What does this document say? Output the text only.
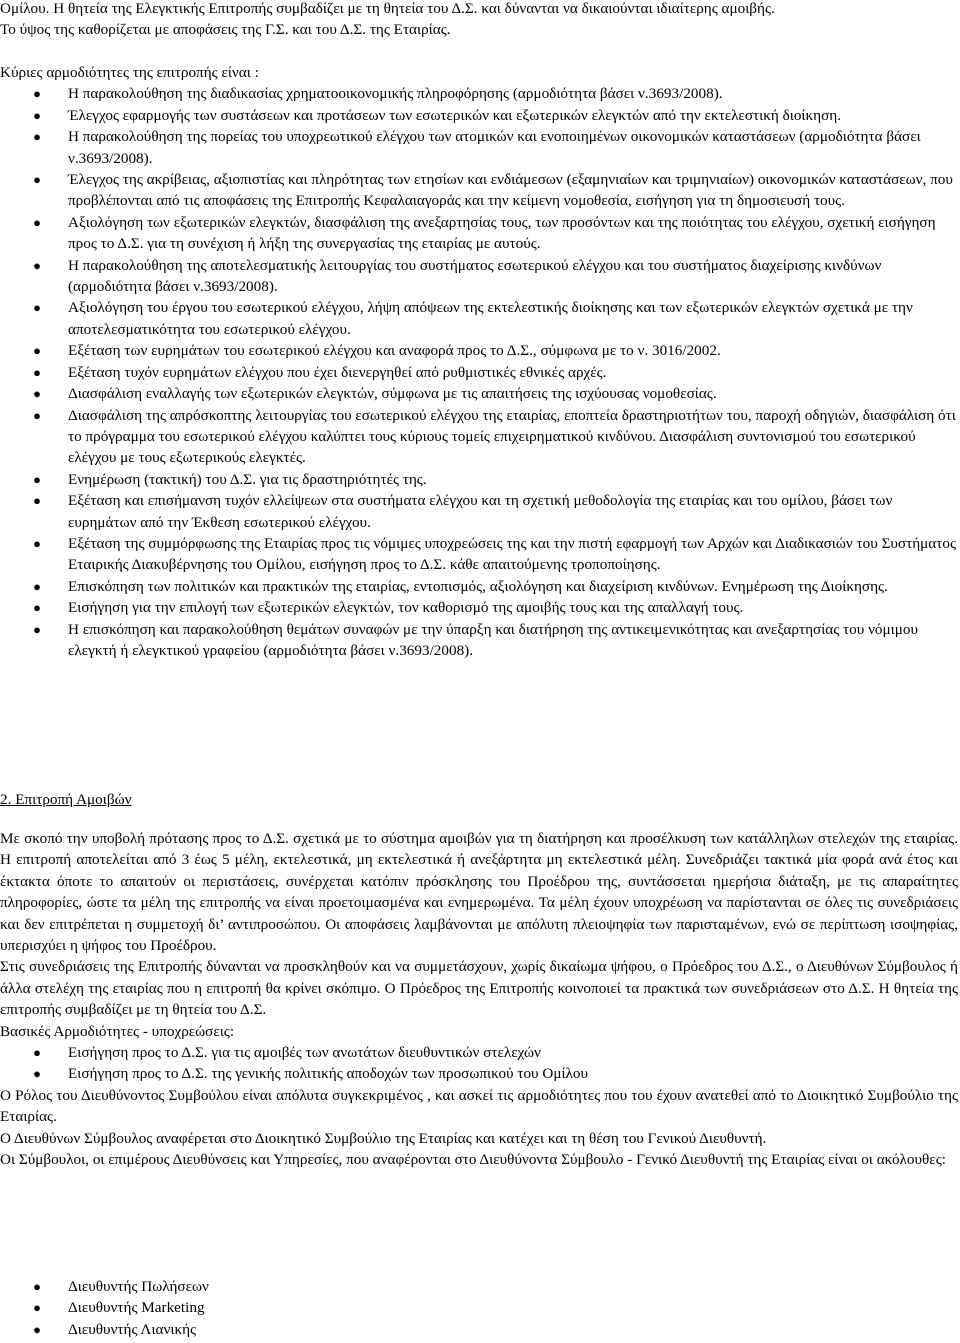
Ομίλου. Η θητεία της Ελεγκτικής Επιτροπής συμβαδίζει με τη θητεία του Δ.Σ. και δύνανται να δικαιούνται ιδιαίτερης αμοιβής.

Το ύψος της καθορίζεται με αποφάσεις της Γ.Σ. και του Δ.Σ. της Εταιρίας.

Κύριες αρμοδιότητες της επιτροπής είναι :

● Η παρακολούθηση της διαδικασίας χρηματοοικονομικής πληροφόρησης (αρμοδιότητα βάσει ν.3693/2008).
● Έλεγχος εφαρμογής των συστάσεων και προτάσεων των εσωτερικών και εξωτερικών ελεγκτών από την εκτελεστική διοίκηση.
● Η παρακολούθηση της πορείας του υποχρεωτικού ελέγχου των ατομικών και ενοποιημένων οικονομικών καταστάσεων (αρμοδιότητα βάσει ν.3693/2008).
● Έλεγχος της ακρίβειας, αξιοπιστίας και πληρότητας των ετησίων και ενδιάμεσων (εξαμηνιαίων και τριμηνιαίων) οικονομικών καταστάσεων, που προβλέπονται από τις αποφάσεις της Επιτροπής Κεφαλαιαγοράς και την κείμενη νομοθεσία, εισήγηση για τη δημοσιευσή τους.
● Αξιολόγηση των εξωτερικών ελεγκτών, διασφάλιση της ανεξαρτησίας τους, των προσόντων και της ποιότητας του ελέγχου, σχετική εισήγηση προς το Δ.Σ. για τη συνέχιση ή λήξη της συνεργασίας της εταιρίας με αυτούς.
● Η παρακολούθηση της αποτελεσματικής λειτουργίας του συστήματος εσωτερικού ελέγχου και του συστήματος διαχείρισης κινδύνων (αρμοδιότητα βάσει ν.3693/2008).
● Αξιολόγηση του έργου του εσωτερικού ελέγχου, λήψη απόψεων της εκτελεστικής διοίκησης και των εξωτερικών ελεγκτών σχετικά με την αποτελεσματικότητα του εσωτερικού ελέγχου.
● Εξέταση των ευρημάτων του εσωτερικού ελέγχου και αναφορά προς το Δ.Σ., σύμφωνα με το ν. 3016/2002.
● Εξέταση τυχόν ευρημάτων ελέγχου που έχει διενεργηθεί από ρυθμιστικές εθνικές αρχές.
● Διασφάλιση εναλλαγής των εξωτερικών ελεγκτών, σύμφωνα με τις απαιτήσεις της ισχύουσας νομοθεσίας.
● Διασφάλιση της απρόσκοπτης λειτουργίας του εσωτερικού ελέγχου της εταιρίας, εποπτεία δραστηριοτήτων του, παροχή οδηγιών, διασφάλιση ότι το πρόγραμμα του εσωτερικού ελέγχου καλύπτει τους κύριους τομείς επιχειρηματικού κινδύνου. Διασφάλιση συντονισμού του εσωτερικού ελέγχου με τους εξωτερικούς ελεγκτές.
● Ενημέρωση (τακτική) του Δ.Σ. για τις δραστηριότητές της.
● Εξέταση και επισήμανση τυχόν ελλείψεων στα συστήματα ελέγχου και τη σχετική μεθοδολογία της εταιρίας και του ομίλου, βάσει των ευρημάτων από την Έκθεση εσωτερικού ελέγχου.
● Εξέταση της συμμόρφωσης της Εταιρίας προς τις νόμιμες υποχρεώσεις της και την πιστή εφαρμογή των Αρχών και Διαδικασιών του Συστήματος Εταιρικής Διακυβέρνησης του Ομίλου, εισήγηση προς το Δ.Σ. κάθε απαιτούμενης τροποποίησης.
● Επισκόπηση των πολιτικών και πρακτικών της εταιρίας, εντοπισμός, αξιολόγηση και διαχείριση κινδύνων. Ενημέρωση της Διοίκησης.
● Εισήγηση για την επιλογή των εξωτερικών ελεγκτών, τον καθορισμό της αμοιβής τους και της απαλλαγή τους.
● Η επισκόπηση και παρακολούθηση θεμάτων συναφών με την ύπαρξη και διατήρηση της αντικειμενικότητας και ανεξαρτησίας του νόμιμου ελεγκτή ή ελεγκτικού γραφείου (αρμοδιότητα βάσει ν.3693/2008).

2. Επιτροπή Αμοιβών

Με σκοπό την υποβολή πρότασης προς το Δ.Σ. σχετικά με το σύστημα αμοιβών για τη διατήρηση και προσέλκυση των κατάλληλων στελεχών της εταιρίας. Η επιτροπή αποτελείται από 3 έως 5 μέλη, εκτελεστικά, μη εκτελεστικά ή ανεξάρτητα μη εκτελεστικά μέλη. Συνεδριάζει τακτικά μία φορά ανά έτος και έκτακτα όποτε το απαιτούν οι περιστάσεις, συνέρχεται κατόπιν πρόσκλησης του Προέδρου της, συντάσσεται ημερήσια διάταξη, με τις απαραίτητες πληροφορίες, ώστε τα μέλη της επιτροπής να είναι προετοιμασμένα και ενημερωμένα. Τα μέλη έχουν υποχρέωση να παρίστανται σε όλες τις συνεδριάσεις και δεν επιτρέπεται η συμμετοχή δι’ αντιπροσώπου. Οι αποφάσεις λαμβάνονται με απόλυτη πλειοψηφία των παρισταμένων, ενώ σε περίπτωση ισοψηφίας, υπερισχύει η ψήφος του Προέδρου.

Στις συνεδριάσεις της Επιτροπής δύνανται να προσκληθούν και να συμμετάσχουν, χωρίς δικαίωμα ψήφου, ο Πρόεδρος του Δ.Σ., ο Διευθύνων Σύμβουλος ή άλλα στελέχη της εταιρίας που η επιτροπή θα κρίνει σκόπιμο. Ο Πρόεδρος της Επιτροπής κοινοποιεί τα πρακτικά των συνεδριάσεων στο Δ.Σ. Η θητεία της επιτροπής συμβαδίζει με τη θητεία του Δ.Σ.

Βασικές Αρμοδιότητες - υποχρεώσεις:

● Εισήγηση προς το Δ.Σ. για τις αμοιβές των ανωτάτων διευθυντικών στελεχών
● Εισήγηση προς το Δ.Σ. της γενικής πολιτικής αποδοχών των προσωπικού του Ομίλου

Ο Ρόλος του Διευθύνοντος Συμβούλου είναι απόλυτα συγκεκριμένος , και ασκεί τις αρμοδιότητες που του έχουν ανατεθεί από το Διοικητικό Συμβούλιο της Εταιρίας.

Ο Διευθύνων Σύμβουλος αναφέρεται στο Διοικητικό Συμβούλιο της Εταιρίας και κατέχει και τη θέση του Γενικού Διευθυντή.

Οι Σύμβουλοι, οι επιμέρους Διευθύνσεις και Υπηρεσίες, που αναφέρονται στο Διευθύνοντα Σύμβουλο - Γενικό Διευθυντή της Εταιρίας είναι οι ακόλουθες:

● Διευθυντής Πωλήσεων
● Διευθυντής Marketing
● Διευθυντής Λιανικής
